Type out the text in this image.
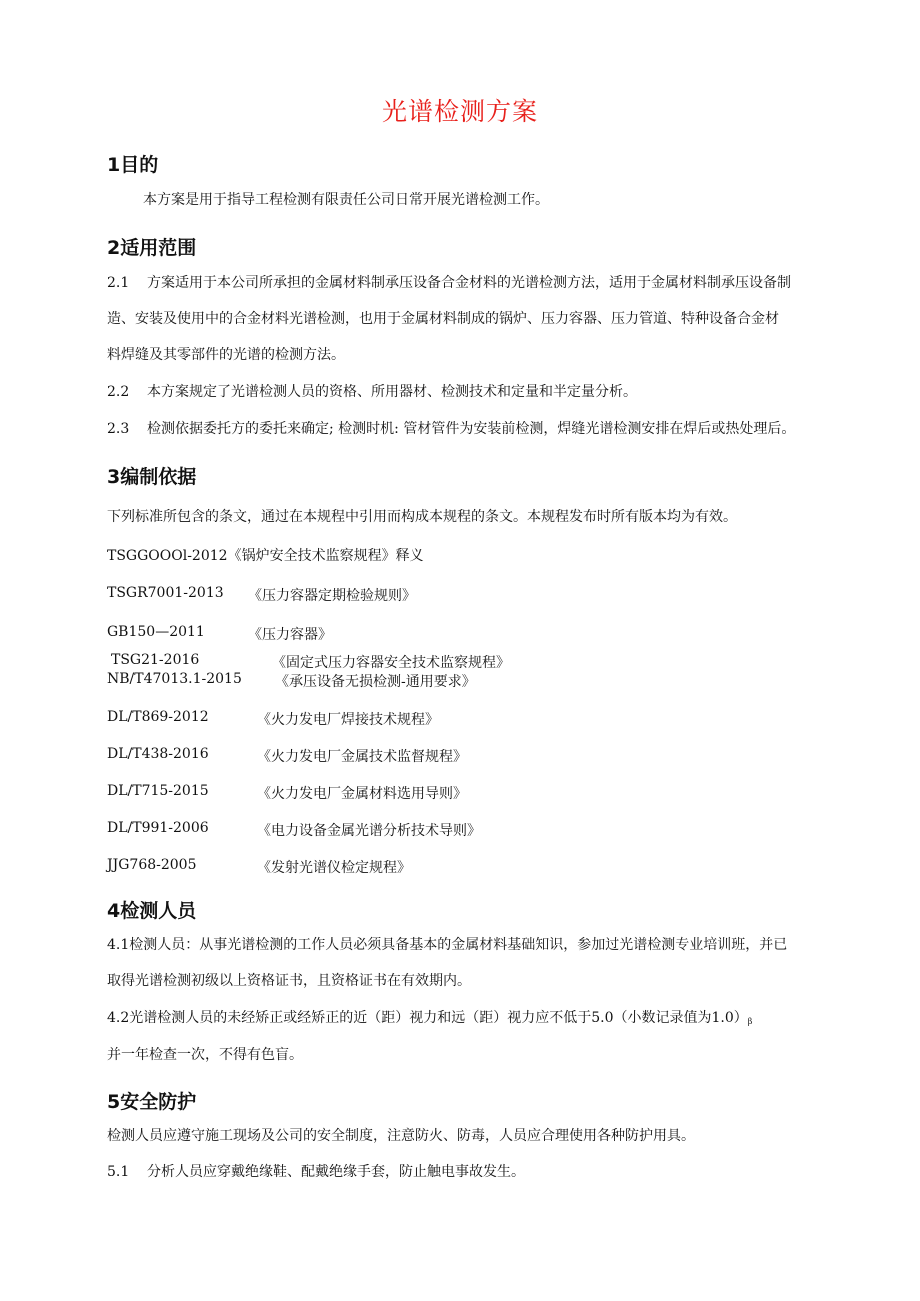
光谱检测方案
1目的
本方案是用于指导工程检测有限责任公司日常开展光谱检测工作。
2适用范围
2.1 方案适用于本公司所承担的金属材料制承压设备合金材料的光谱检测方法，适用于金属材料制承压设备制
造、安装及使用中的合金材料光谱检测，也用于金属材料制成的锅炉、压力容器、压力管道、特种设备合金材
料焊缝及其零部件的光谱的检测方法。
2.2 本方案规定了光谱检测人员的资格、所用器材、检测技术和定量和半定量分析。
2.3 检测依据委托方的委托来确定; 检测时机: 管材管件为安装前检测，焊缝光谱检测安排在焊后或热处理后。
3编制依据
下列标准所包含的条文，通过在本规程中引用而构成本规程的条文。本规程发布时所有版本均为有效。
TSGGOOOl-2012《锅炉安全技术监察规程》释义
TSGR7001-2013 《压力容器定期检验规则》
GB150—2011	《压力容器》
TSG21-2016	《固定式压力容器安全技术监察规程》
NB/T47013.1-2015 《承压设备无损检测-通用要求》
DL/T869-2012	《火力发电厂焊接技术规程》
DL/T438-2016	《火力发电厂金属技术监督规程》
DL/T715-2015	《火力发电厂金属材料选用导则》
DL/T991-2006	《电力设备金属光谱分析技术导则》
JJG768-2005	《发射光谱仪检定规程》
4检测人员
4.1检测人员：从事光谱检测的工作人员必须具备基本的金属材料基础知识，参加过光谱检测专业培训班，并已
取得光谱检测初级以上资格证书，且资格证书在有效期内。
4.2光谱检测人员的未经矫正或经矫正的近（距）视力和远（距）视力应不低于5.0（小数记录值为$1.0)_\beta$
并一年检查一次，不得有色盲。
5安全防护
检测人员应遵守施工现场及公司的安全制度，注意防火、防毒，人员应合理使用各种防护用具。
5.1 分析人员应穿戴绝缘鞋、配戴绝缘手套，防止触电事故发生。
